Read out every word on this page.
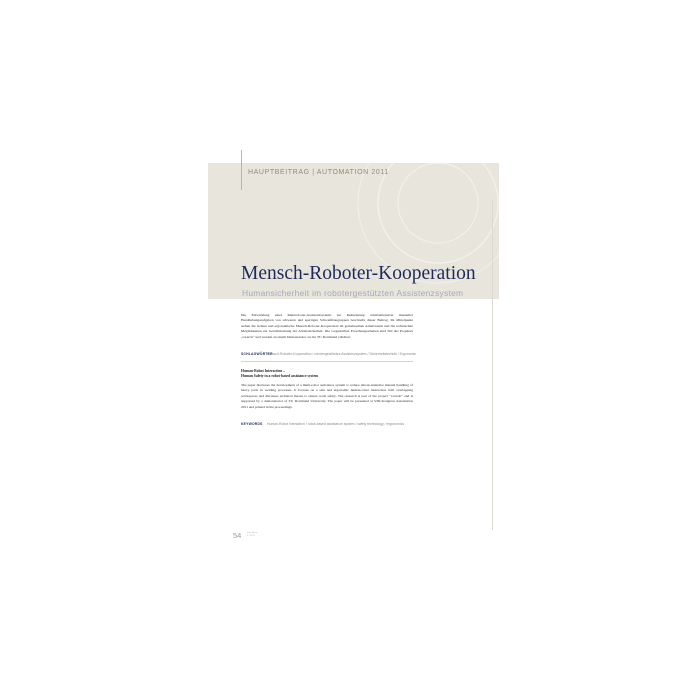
HAUPTBEITRAG | AUTOMATION 2011
Mensch-Roboter-Kooperation
Humansicherheit im robotergestützten Assistenzsystem
Die Entwicklung eines Mehrroboter-Assistenzsystems zur Reduzierung arbeitsintensiver manueller Handhabungsaufgaben von schweren und sperrigen Schweißbaugruppen beschreibt dieser Beitrag. Im Mittelpunkt stehen die sichere und ergonomische Mensch-Roboter-Kooperation im gemeinsamen Arbeitsraum und die technischen Möglichkeiten zur Gewährleistung der Arbeitssicherheit. Die vorgestellten Forschungsarbeiten sind Teil des Projektes „rorarob“ und wurden an einem Demonstrator an der TU Dortmund validiert.
SCHLAGWÖRTER
Mensch-Roboter-Kooperation / robotergestütztes Assistenzsystem / Sicherheitstechnik / Ergonomie
Human-Robot Interaction –
Human Safety in a robot-based assistance system
The paper discusses the development of a multi-robot assistance system to reduce labour-intensive manual handling of heavy parts in welding processes. It focuses on a safe and ergonomic human-robot interaction with overlapping workspaces and discusses technical means to ensure work safety. The research is part of the project “rorarob” and is supported by a demonstrator of TU Dortmund University. The paper will be presented at VDI-Kongress Automation 2011 and printed in the proceedings.
KEYWORDS Human-Robot Interaction / robot-based assistance system / safety technology / ergonomics
54	atp edition
6 / 2011
